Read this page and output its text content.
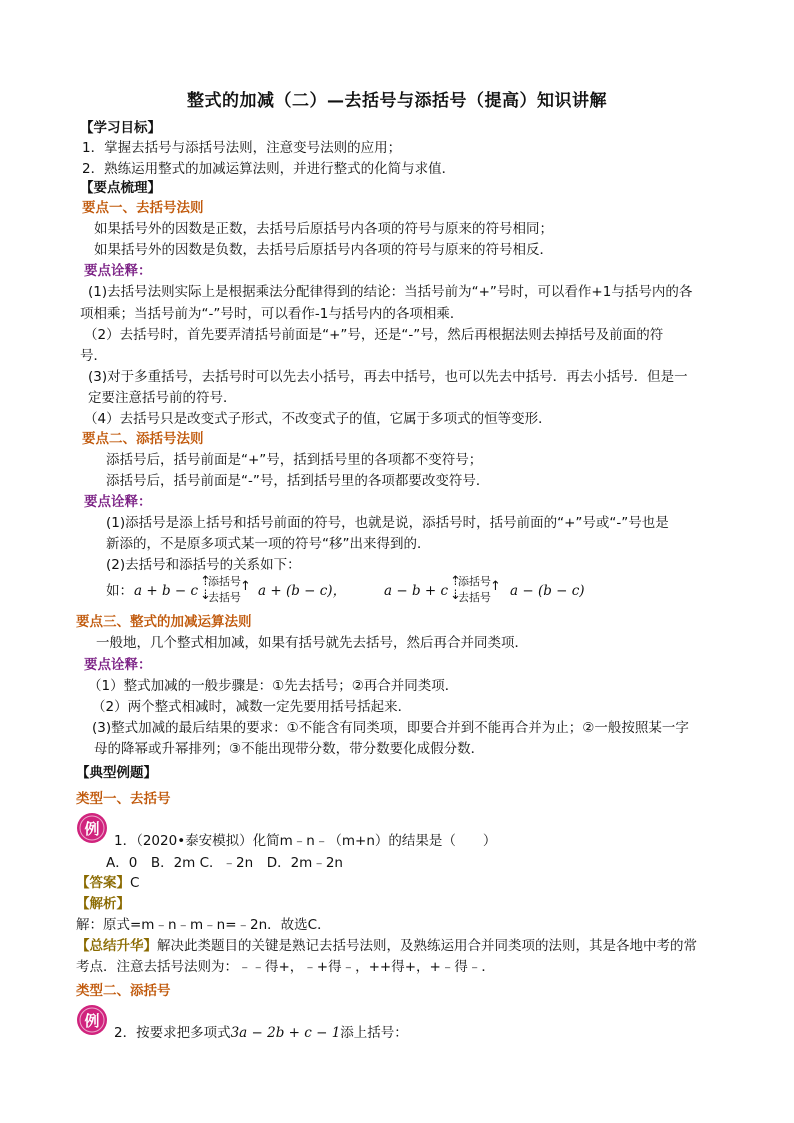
整式的加减（二）—去括号与添括号（提高）知识讲解
【学习目标】
1．掌握去括号与添括号法则，注意变号法则的应用；
2．熟练运用整式的加减运算法则，并进行整式的化简与求值．
【要点梳理】
要点一、去括号法则
如果括号外的因数是正数，去括号后原括号内各项的符号与原来的符号相同；
如果括号外的因数是负数，去括号后原括号内各项的符号与原来的符号相反．
要点诠释：
(1)去括号法则实际上是根据乘法分配律得到的结论：当括号前为“+”号时，可以看作+1与括号内的各
项相乘；当括号前为“-”号时，可以看作-1与括号内的各项相乘．
（2）去括号时，首先要弄清括号前面是“+”号，还是“-”号，然后再根据法则去掉括号及前面的符
号．
(3)对于多重括号，去括号时可以先去小括号，再去中括号，也可以先去中括号．再去小括号．但是一
定要注意括号前的符号．
（4）去括号只是改变式子形式，不改变式子的值，它属于多项式的恒等变形．
要点二、添括号法则
添括号后，括号前面是“+”号，括到括号里的各项都不变符号；
添括号后，括号前面是“-”号，括到括号里的各项都要改变符号．
要点诠释：
(1)添括号是添上括号和括号前面的符号，也就是说，添括号时，括号前面的“+”号或“-”号也是
新添的，不是原多项式某一项的符号“移”出来得到的．
(2)去括号和添括号的关系如下：
如： a + b − c
⇡
⇣
添括号
去括号
↑ a + (b − c)，	a − b + c
⇡
⇣
添括号
去括号
↑ a − (b − c)
要点三、整式的加减运算法则
一般地，几个整式相加减，如果有括号就先去括号，然后再合并同类项．
要点诠释：
（1）整式加减的一般步骤是：①先去括号；②再合并同类项．
（2）两个整式相减时，减数一定先要用括号括起来．
(3)整式加减的最后结果的要求：①不能含有同类项，即要合并到不能再合并为止；②一般按照某一字
母的降幂或升幂排列；③不能出现带分数，带分数要化成假分数．
【典型例题】
类型一、去括号
例
1．（2020•泰安模拟）化简m﹣n﹣（m+n）的结果是（　　）
A．0　B．2m C．﹣2n　D．2m﹣2n
【答案】C
【解析】
解：原式=m﹣n﹣m﹣n=﹣2n．故选C．
【总结升华】解决此类题目的关键是熟记去括号法则，及熟练运用合并同类项的法则，其是各地中考的常
考点．注意去括号法则为：﹣﹣得+，﹣+得﹣，++得+，+﹣得﹣．
类型二、添括号
例
2．按要求把多项式3a − 2b + c − 1添上括号：
